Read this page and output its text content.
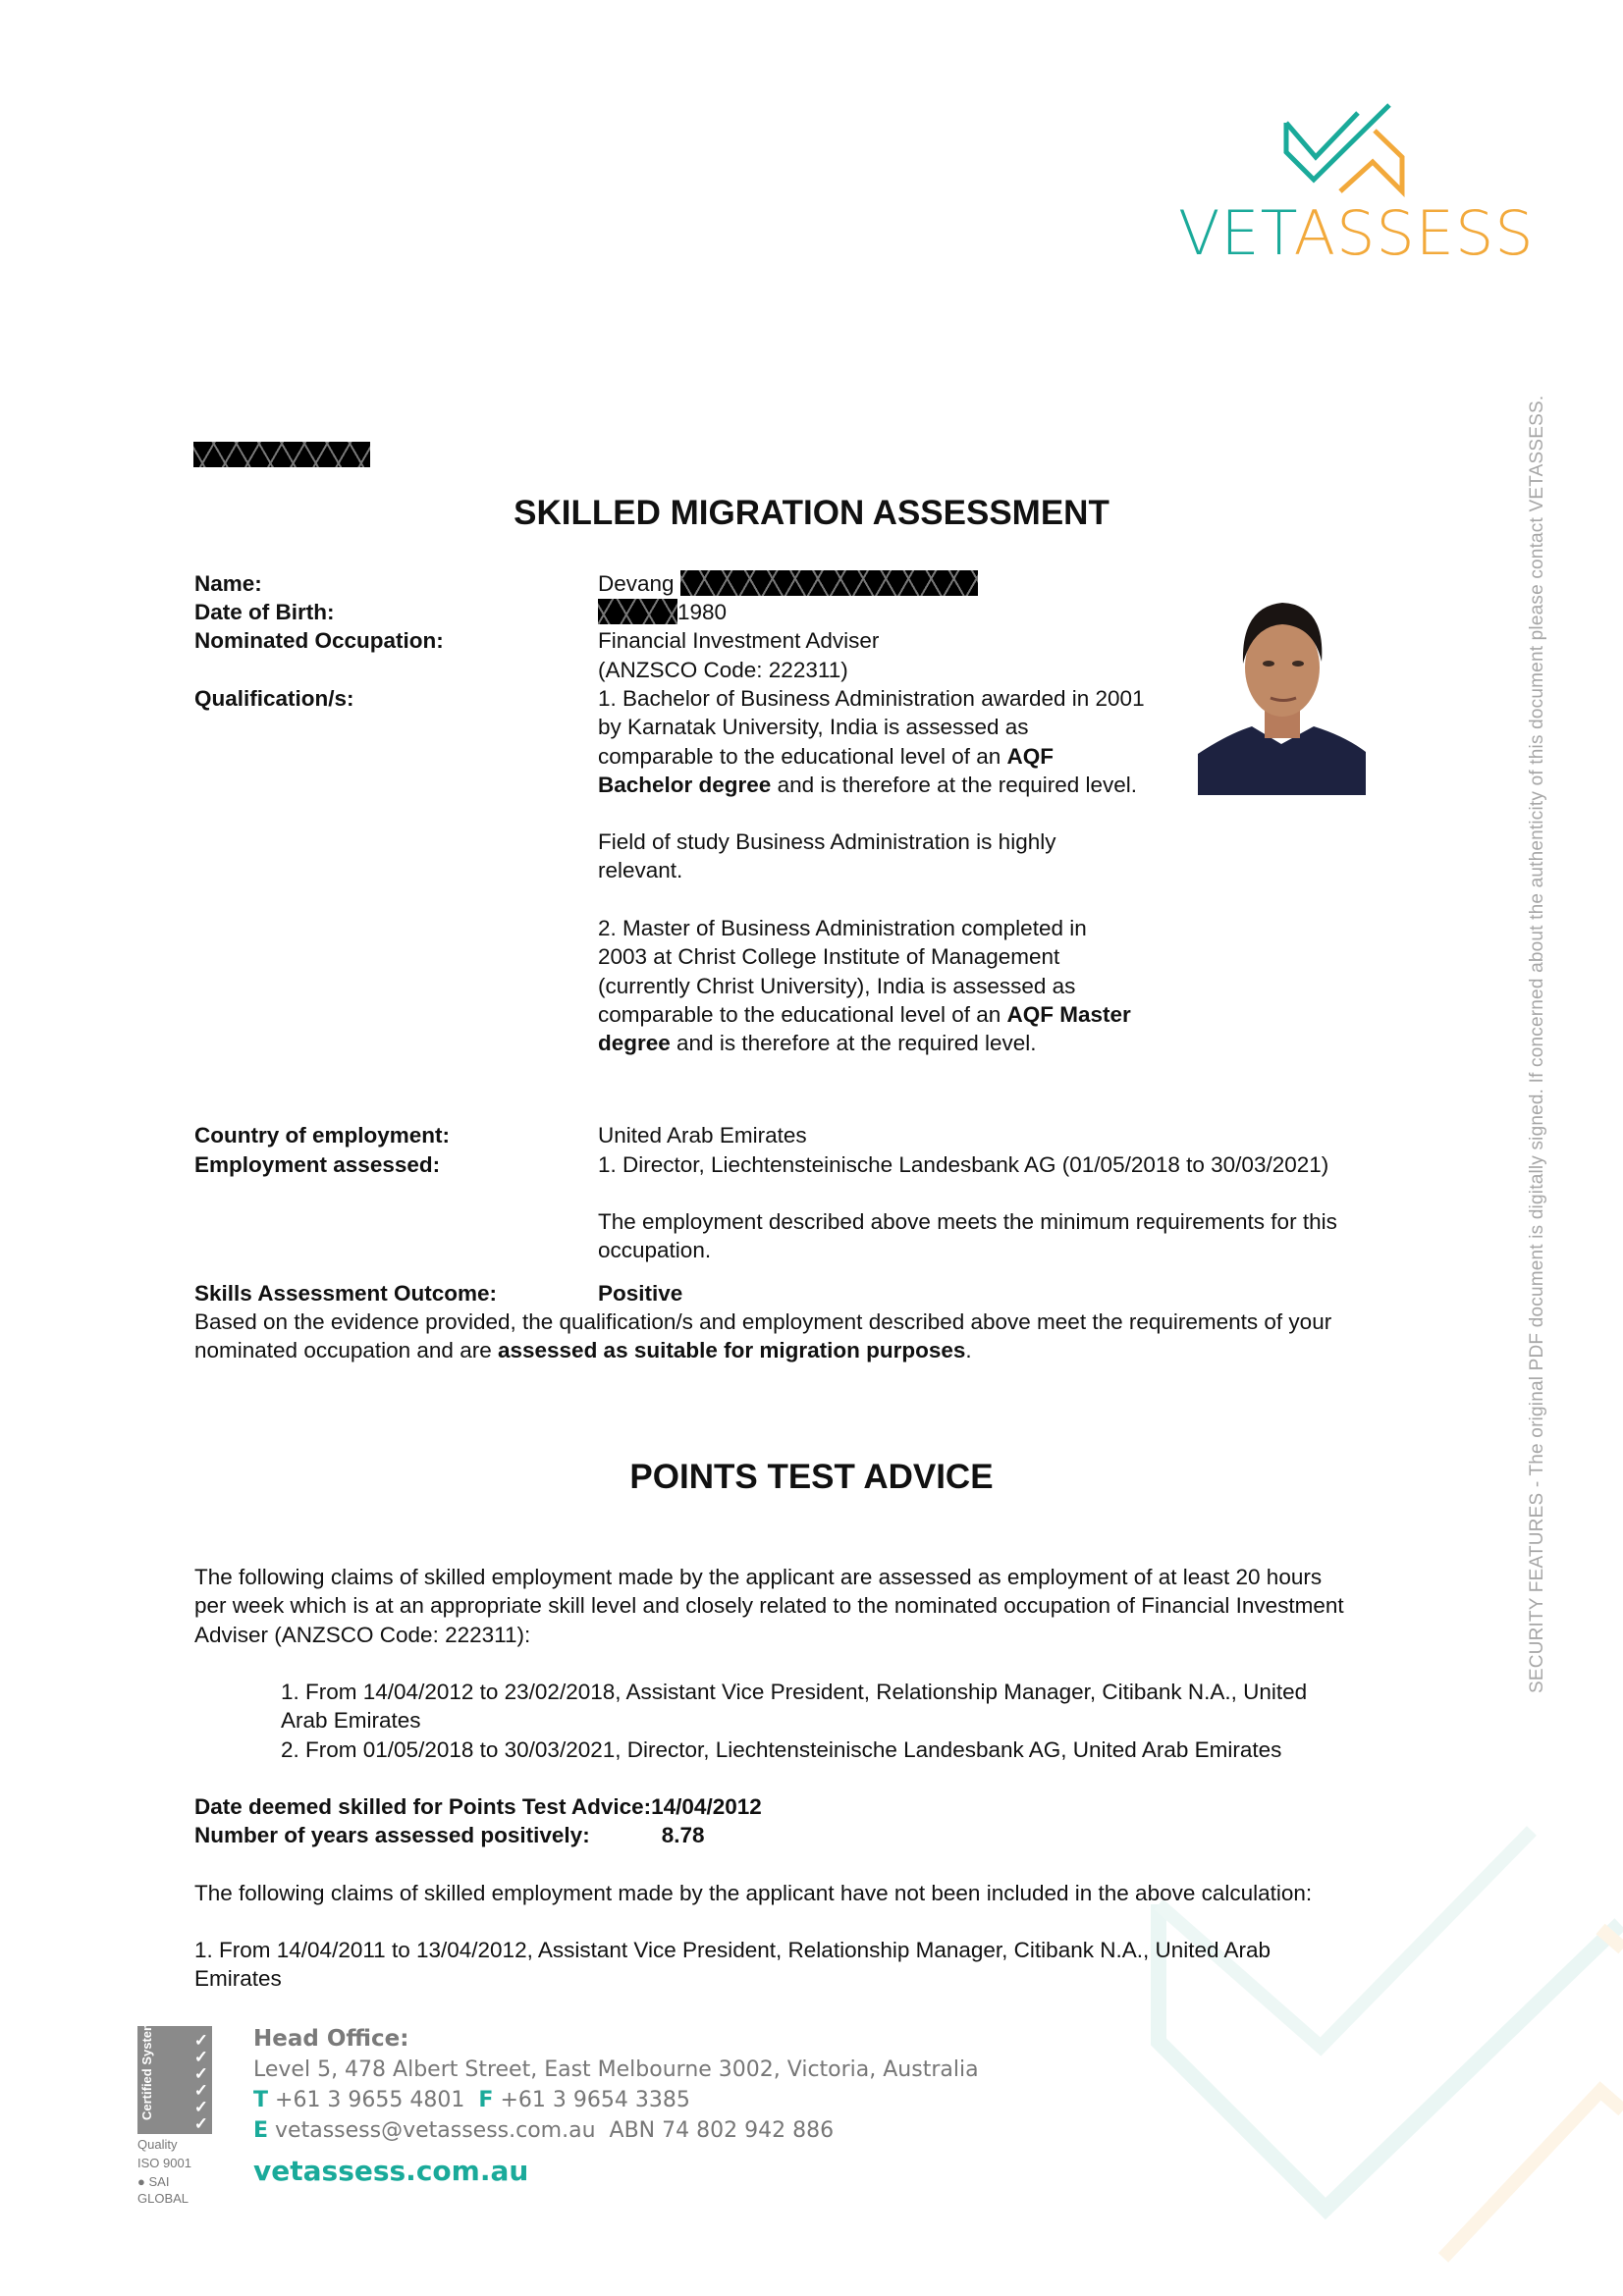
VETASSESS
SECURITY FEATURES - The original PDF document is digitally signed. If concerned about the authenticity of this document please contact VETASSESS.
SKILLED MIGRATION ASSESSMENT
Name:	Devang
Date of Birth:	1980
Nominated Occupation:	Financial Investment Adviser
(ANZSCO Code: 222311)
Qualification/s:	1. Bachelor of Business Administration awarded in 2001
by Karnatak University, India is assessed as
comparable to the educational level of an AQF
Bachelor degree and is therefore at the required level.
Field of study Business Administration is highly
relevant.
2. Master of Business Administration completed in
2003 at Christ College Institute of Management
(currently Christ University), India is assessed as
comparable to the educational level of an AQF Master
degree and is therefore at the required level.
Country of employment:	United Arab Emirates
Employment assessed:	1. Director, Liechtensteinische Landesbank AG (01/05/2018 to 30/03/2021)
The employment described above meets the minimum requirements for this
occupation.
Skills Assessment Outcome:	Positive
Based on the evidence provided, the qualification/s and employment described above meet the requirements of your
nominated occupation and are assessed as suitable for migration purposes.
POINTS TEST ADVICE
The following claims of skilled employment made by the applicant are assessed as employment of at least 20 hours
per week which is at an appropriate skill level and closely related to the nominated occupation of Financial Investment
Adviser (ANZSCO Code: 222311):
1. From 14/04/2012 to 23/02/2018, Assistant Vice President, Relationship Manager, Citibank N.A., United
Arab Emirates
2. From 01/05/2018 to 30/03/2021, Director, Liechtensteinische Landesbank AG, United Arab Emirates
Date deemed skilled for Points Test Advice:14/04/2012
Number of years assessed positively:	8.78
The following claims of skilled employment made by the applicant have not been included in the above calculation:
1. From 14/04/2011 to 13/04/2012, Assistant Vice President, Relationship Manager, Citibank N.A., United Arab
Emirates
Certified System ✓
✓
✓
✓
✓
✓
Quality
ISO 9001
● SAI GLOBAL
Head Office:
Level 5, 478 Albert Street, East Melbourne 3002, Victoria, Australia
T +61 3 9655 4801 F +61 3 9654 3385
E vetassess@vetassess.com.au ABN 74 802 942 886
vetassess.com.au
